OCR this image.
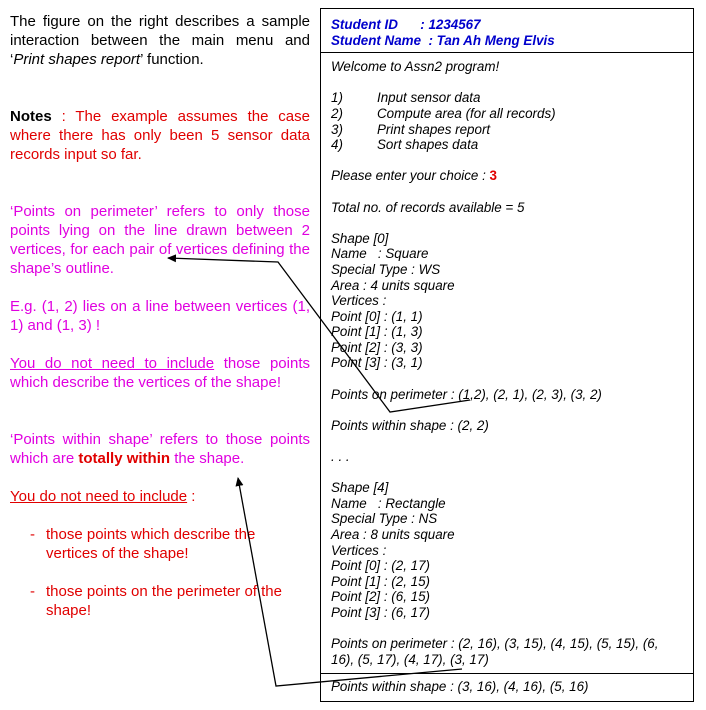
The figure on the right describes a sample interaction between the main menu and ‘Print shapes report’ function.

Notes : The example assumes the case where there has only been 5 sensor data records input so far.

‘Points on perimeter’ refers to only those points lying on the line drawn between 2 vertices, for each pair of vertices defining the shape’s outline.

E.g. (1, 2) lies on a line between vertices (1, 1) and (1, 3) !

You do not need to include those points which describe the vertices of the shape!

‘Points within shape’ refers to those points which are totally within the shape.

You do not need to include :

- those points which describe the vertices of the shape!
- those points on the perimeter of the shape!
Student ID      : 1234567
Student Name  : Tan Ah Meng Elvis
Welcome to Assn2 program!
1)	Input sensor data
2)	Compute area (for all records)
3)	Print shapes report
4)	Sort shapes data
Please enter your choice : 3
Total no. of records available = 5
Shape [0]
Name   : Square
Special Type : WS
Area : 4 units square
Vertices :
Point [0] : (1, 1)
Point [1] : (1, 3)
Point [2] : (3, 3)
Point [3] : (3, 1)
Points on perimeter : (1,2), (2, 1), (2, 3), (3, 2)
Points within shape : (2, 2)
. . .
Shape [4]
Name   : Rectangle
Special Type : NS
Area : 8 units square
Vertices :
Point [0] : (2, 17)
Point [1] : (2, 15)
Point [2] : (6, 15)
Point [3] : (6, 17)
Points on perimeter : (2, 16), (3, 15), (4, 15), (5, 15), (6,
16), (5, 17), (4, 17), (3, 17)
Points within shape : (3, 16), (4, 16), (5, 16)
